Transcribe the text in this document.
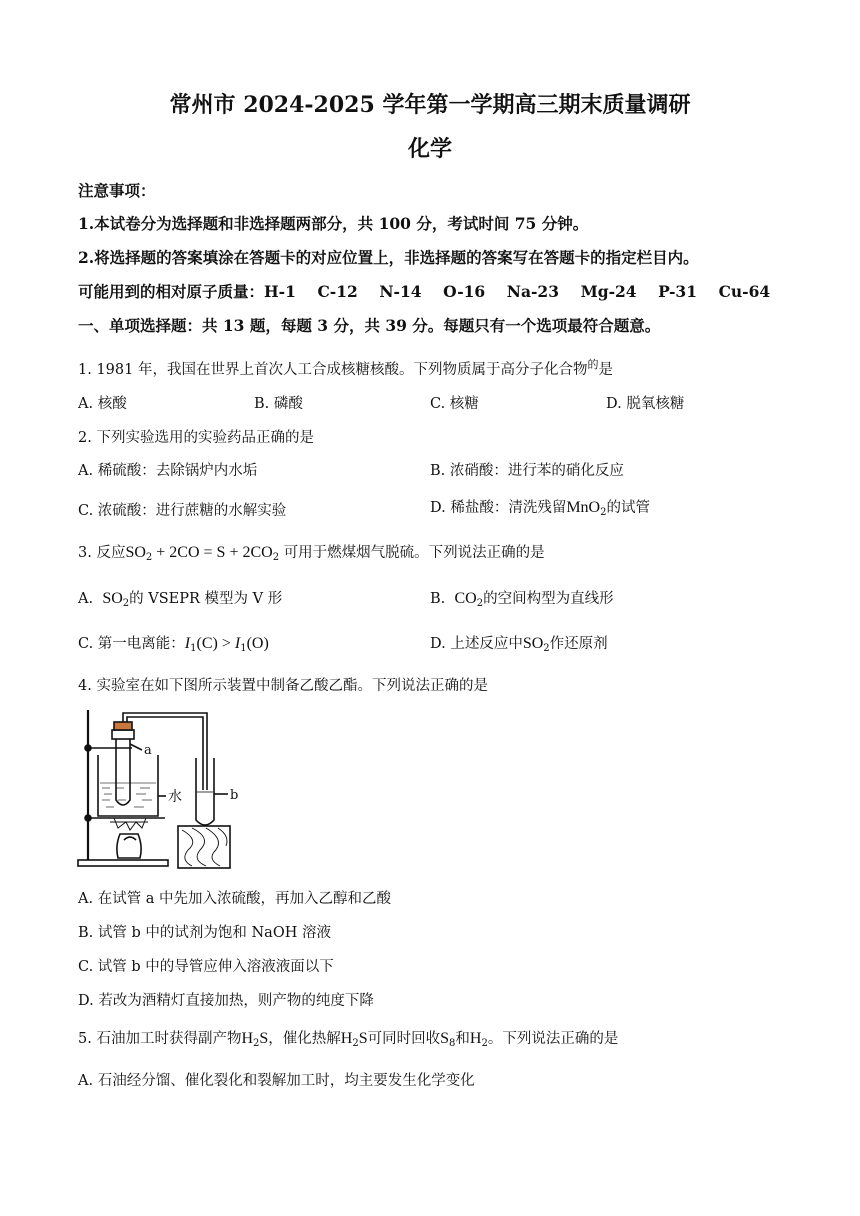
常州市 2024-2025 学年第一学期高三期末质量调研
化学
注意事项：
1.本试卷分为选择题和非选择题两部分，共 100 分，考试时间 75 分钟。
2.将选择题的答案填涂在答题卡的对应位置上，非选择题的答案写在答题卡的指定栏目内。
可能用到的相对原子质量：H-1    C-12    N-14    O-16    Na-23    Mg-24    P-31    Cu-64
一、单项选择题：共 13 题，每题 3 分，共 39 分。每题只有一个选项最符合题意。
1. 1981 年，我国在世界上首次人工合成核糖核酸。下列物质属于高分子化合物$^的$是
A. 核酸	B. 磷酸	C. 核糖	D. 脱氧核糖
2. 下列实验选用的实验药品正确的是
A. 稀硫酸：去除锅炉内水垢	B. 浓硝酸：进行苯的硝化反应
C. 浓硫酸：进行蔗糖的水解实验	D. 稀盐酸：清洗残留MnO$_2$的试管
3. 反应$SO_2 + 2CO = S + 2CO_2$ 可用于燃煤烟气脱硫。下列说法正确的是
A.  $SO_2$的 VSEPR 模型为 V 形	B.  $CO_2$的空间构型为直线形
C. 第一电离能：$I_1(C) > I_1(O)$	D. 上述反应中$SO_2$作还原剂
4. 实验室在如下图所示装置中制备乙酸乙酯。下列说法正确的是
a
水	b
A. 在试管 a 中先加入浓硫酸，再加入乙醇和乙酸
B. 试管 b 中的试剂为饱和 NaOH 溶液
C. 试管 b 中的导管应伸入溶液液面以下
D. 若改为酒精灯直接加热，则产物的纯度下降
5. 石油加工时获得副产物$H_2S$，催化热解$H_2S$可同时回收$S_8$和$H_2$。下列说法正确的是
A. 石油经分馏、催化裂化和裂解加工时，均主要发生化学变化
